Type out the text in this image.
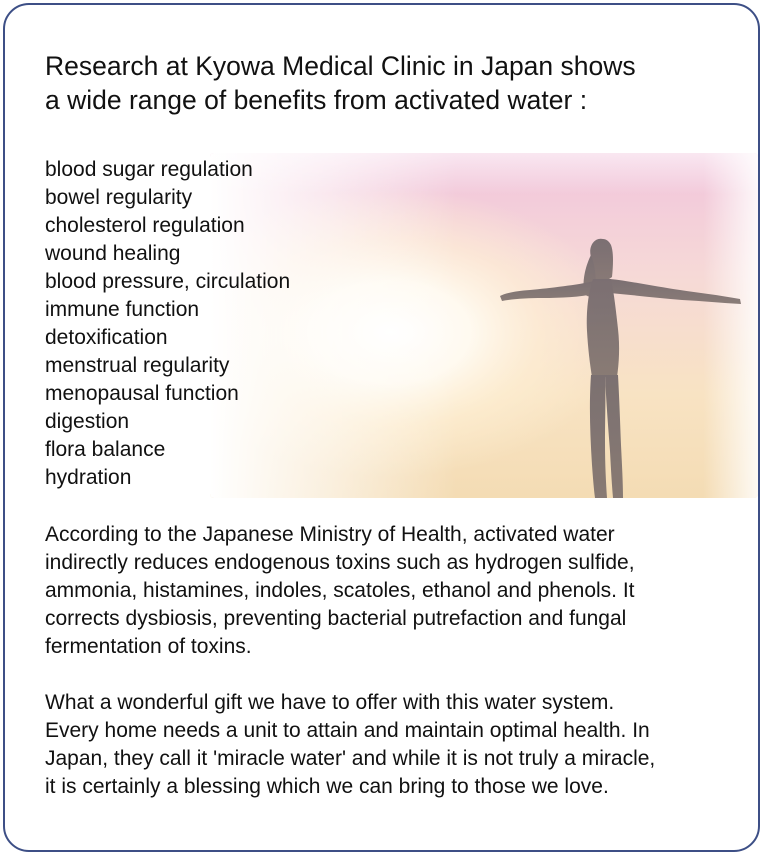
Research at Kyowa Medical Clinic in Japan shows
a wide range of benefits from activated water :
blood sugar regulation
bowel regularity
cholesterol regulation
wound healing
blood pressure, circulation
immune function
detoxification
menstrual regularity
menopausal function
digestion
flora balance
hydration

According to the Japanese Ministry of Health, activated water
indirectly reduces endogenous toxins such as hydrogen sulfide,
ammonia, histamines, indoles, scatoles, ethanol and phenols. It
corrects dysbiosis, preventing bacterial putrefaction and fungal
fermentation of toxins.

What a wonderful gift we have to offer with this water system.
Every home needs a unit to attain and maintain optimal health. In
Japan, they call it 'miracle water' and while it is not truly a miracle,
it is certainly a blessing which we can bring to those we love.
